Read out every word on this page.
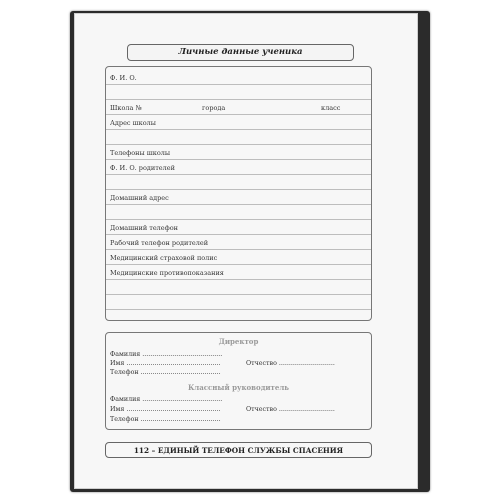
Личные данные ученика
Ф. И. О.
Школа №	города	класс
Адрес школы
Телефоны школы
Ф. И. О. родителей
Домашний адрес
Домашний телефон
Рабочий телефон родителей
Медицинский страховой полис
Медицинские противопоказания
Директор
Фамилия ........................................
Имя ...............................................	Отчество ............................
Телефон ........................................
Классный руководитель
Фамилия ........................................
Имя ...............................................	Отчество ............................
Телефон ........................................
112 – ЕДИНЫЙ ТЕЛЕФОН СЛУЖБЫ СПАСЕНИЯ
